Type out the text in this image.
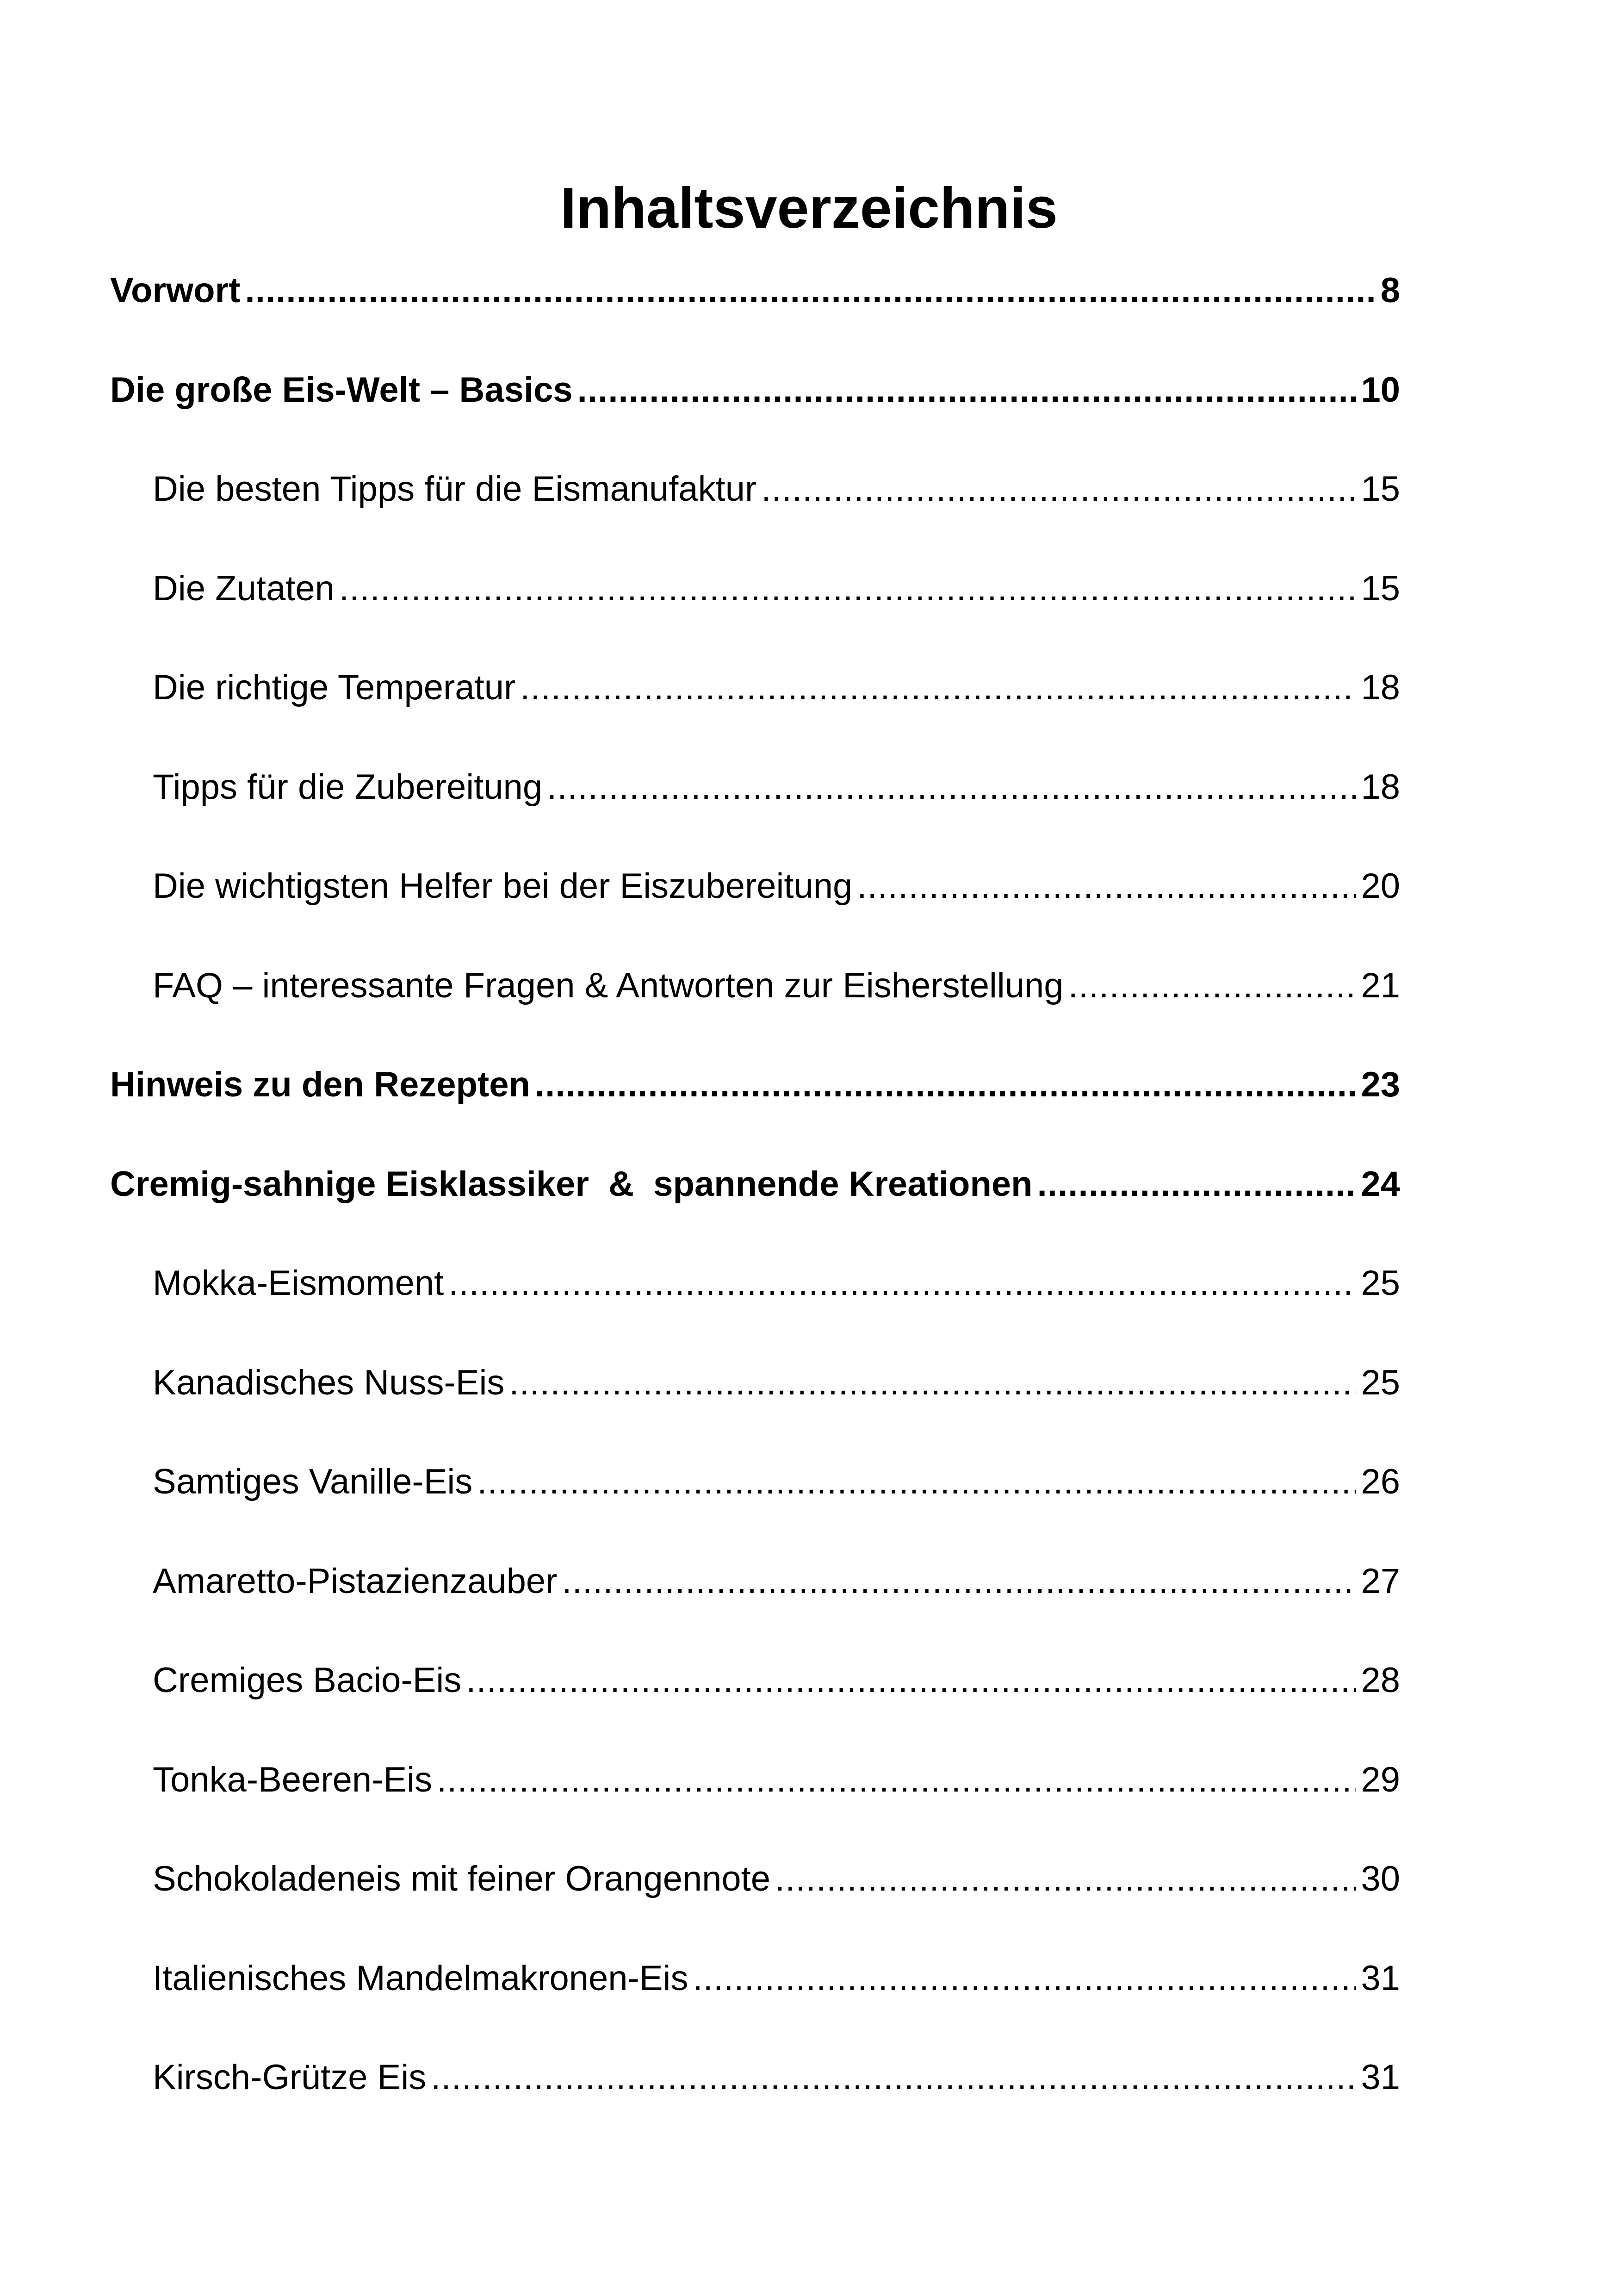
Inhaltsverzeichnis
Vorwort . . .	8
Die große Eis-Welt – Basics . . .	10
Die besten Tipps für die Eismanufaktur . . .	15
Die Zutaten . . .	15
Die richtige Temperatur . . .	18
Tipps für die Zubereitung . . .	18
Die wichtigsten Helfer bei der Eiszubereitung . . .	20
FAQ – interessante Fragen & Antworten zur Eisherstellung . . .	21
Hinweis zu den Rezepten . . .	23
Cremig-sahnige Eisklassiker  &  spannende Kreationen . . .	24
Mokka-Eismoment . . .	25
Kanadisches Nuss-Eis . . .	25
Samtiges Vanille-Eis . . .	26
Amaretto-Pistazienzauber . . .	27
Cremiges Bacio-Eis . . .	28
Tonka-Beeren-Eis . . .	29
Schokoladeneis mit feiner Orangennote . . .	30
Italienisches Mandelmakronen-Eis . . .	31
Kirsch-Grütze Eis . . .	31
